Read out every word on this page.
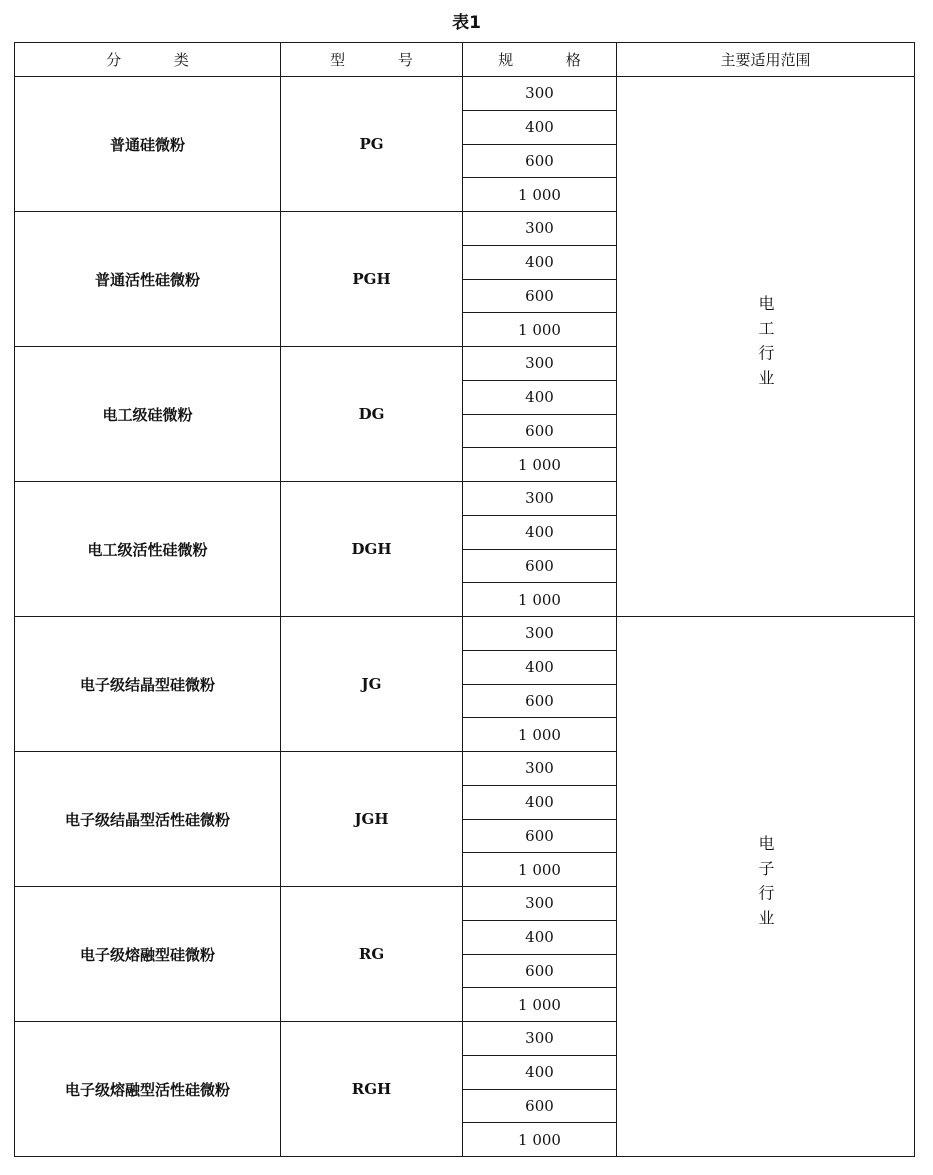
表1
分 类	型 号	规 格	主要适用范围
普通硅微粉	PG	300	电工行业
		400	
		600	
		1 000	
普通活性硅微粉	PGH	300	
		400	
		600	
		1 000	
电工级硅微粉	DG	300	
		400	
		600	
		1 000	
电工级活性硅微粉	DGH	300	
		400	
		600	
		1 000	
电子级结晶型硅微粉	JG	300	电子行业
		400	
		600	
		1 000	
电子级结晶型活性硅微粉	JGH	300	
		400	
		600	
		1 000	
电子级熔融型硅微粉	RG	300	
		400	
		600	
		1 000	
电子级熔融型活性硅微粉	RGH	300	
		400	
		600	
		1 000	
